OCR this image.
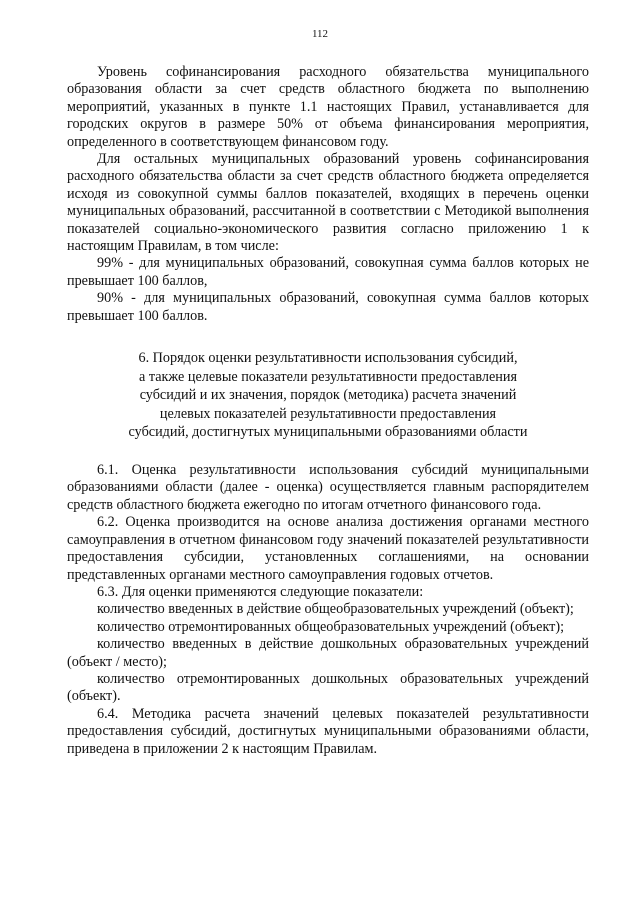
112

Уровень софинансирования расходного обязательства муниципального образования области за счет средств областного бюджета по выполнению мероприятий, указанных в пункте 1.1 настоящих Правил, устанавливается для городских округов в размере 50% от объема финансирования мероприятия, определенного в соответствующем финансовом году.

Для остальных муниципальных образований уровень софинансирования расходного обязательства области за счет средств областного бюджета определяется исходя из совокупной суммы баллов показателей, входящих в перечень оценки муниципальных образований, рассчитанной в соответствии с Методикой выполнения показателей социально-экономического развития согласно приложению 1 к настоящим Правилам, в том числе:

99% - для муниципальных образований, совокупная сумма баллов которых не превышает 100 баллов,

90% - для муниципальных образований, совокупная сумма баллов которых превышает 100 баллов.

6. Порядок оценки результативности использования субсидий,
а также целевые показатели результативности предоставления
субсидий и их значения, порядок (методика) расчета значений
целевых показателей результативности предоставления
субсидий, достигнутых муниципальными образованиями области

6.1. Оценка результативности использования субсидий муниципальными образованиями области (далее - оценка) осуществляется главным распорядителем средств областного бюджета ежегодно по итогам отчетного финансового года.

6.2. Оценка производится на основе анализа достижения органами местного самоуправления в отчетном финансовом году значений показателей результативности предоставления субсидии, установленных соглашениями, на основании представленных органами местного самоуправления годовых отчетов.

6.3. Для оценки применяются следующие показатели:

количество введенных в действие общеобразовательных учреждений (объект);

количество отремонтированных общеобразовательных учреждений (объект);

количество введенных в действие дошкольных образовательных учреждений (объект / место);

количество отремонтированных дошкольных образовательных учреждений (объект).

6.4. Методика расчета значений целевых показателей результативности предоставления субсидий, достигнутых муниципальными образованиями области, приведена в приложении 2 к настоящим Правилам.
